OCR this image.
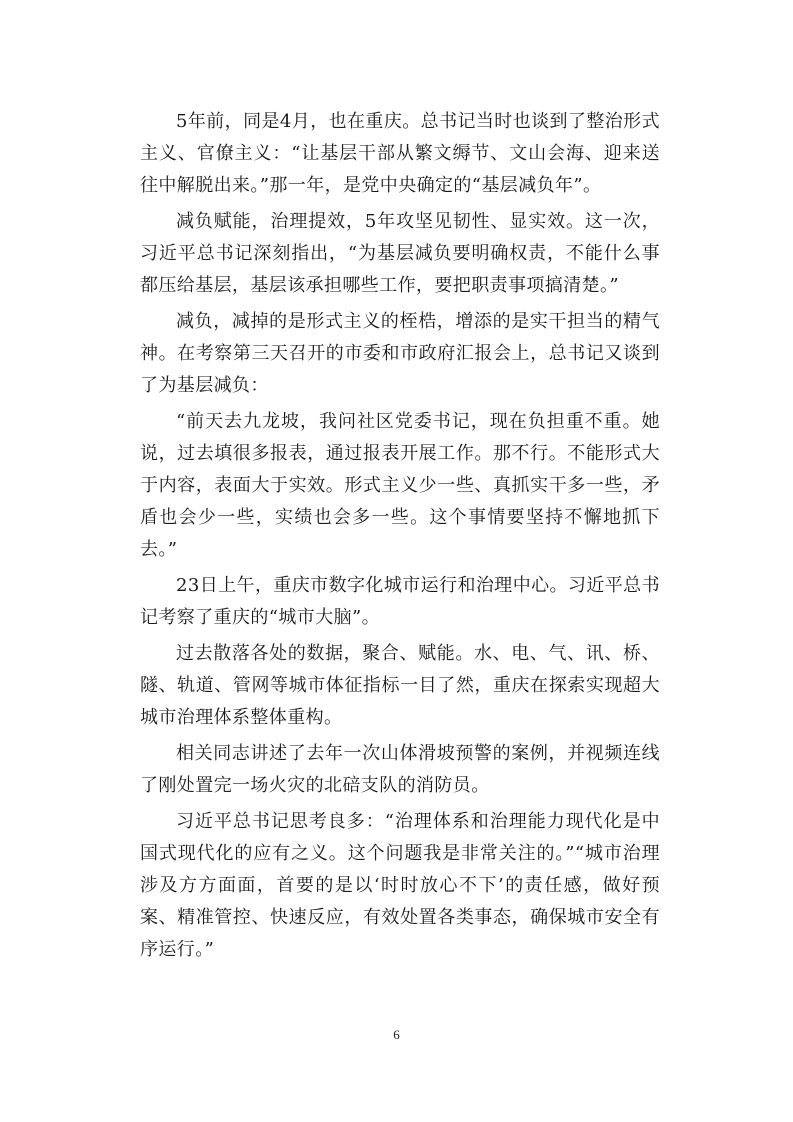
5年前，同是4月，也在重庆。总书记当时也谈到了整治形式主义、官僚主义：“让基层干部从繁文缛节、文山会海、迎来送往中解脱出来。”那一年，是党中央确定的“基层减负年”。

减负赋能，治理提效，5年攻坚见韧性、显实效。这一次，习近平总书记深刻指出，“为基层减负要明确权责，不能什么事都压给基层，基层该承担哪些工作，要把职责事项搞清楚。”

减负，减掉的是形式主义的桎梏，增添的是实干担当的精气神。在考察第三天召开的市委和市政府汇报会上，总书记又谈到了为基层减负：

“前天去九龙坡，我问社区党委书记，现在负担重不重。她说，过去填很多报表，通过报表开展工作。那不行。不能形式大于内容，表面大于实效。形式主义少一些、真抓实干多一些，矛盾也会少一些，实绩也会多一些。这个事情要坚持不懈地抓下去。”

23日上午，重庆市数字化城市运行和治理中心。习近平总书记考察了重庆的“城市大脑”。

过去散落各处的数据，聚合、赋能。水、电、气、讯、桥、隧、轨道、管网等城市体征指标一目了然，重庆在探索实现超大城市治理体系整体重构。

相关同志讲述了去年一次山体滑坡预警的案例，并视频连线了刚处置完一场火灾的北碚支队的消防员。

习近平总书记思考良多：“治理体系和治理能力现代化是中国式现代化的应有之义。这个问题我是非常关注的。”“城市治理涉及方方面面，首要的是以‘时时放心不下’的责任感，做好预案、精准管控、快速反应，有效处置各类事态，确保城市安全有序运行。”

6
